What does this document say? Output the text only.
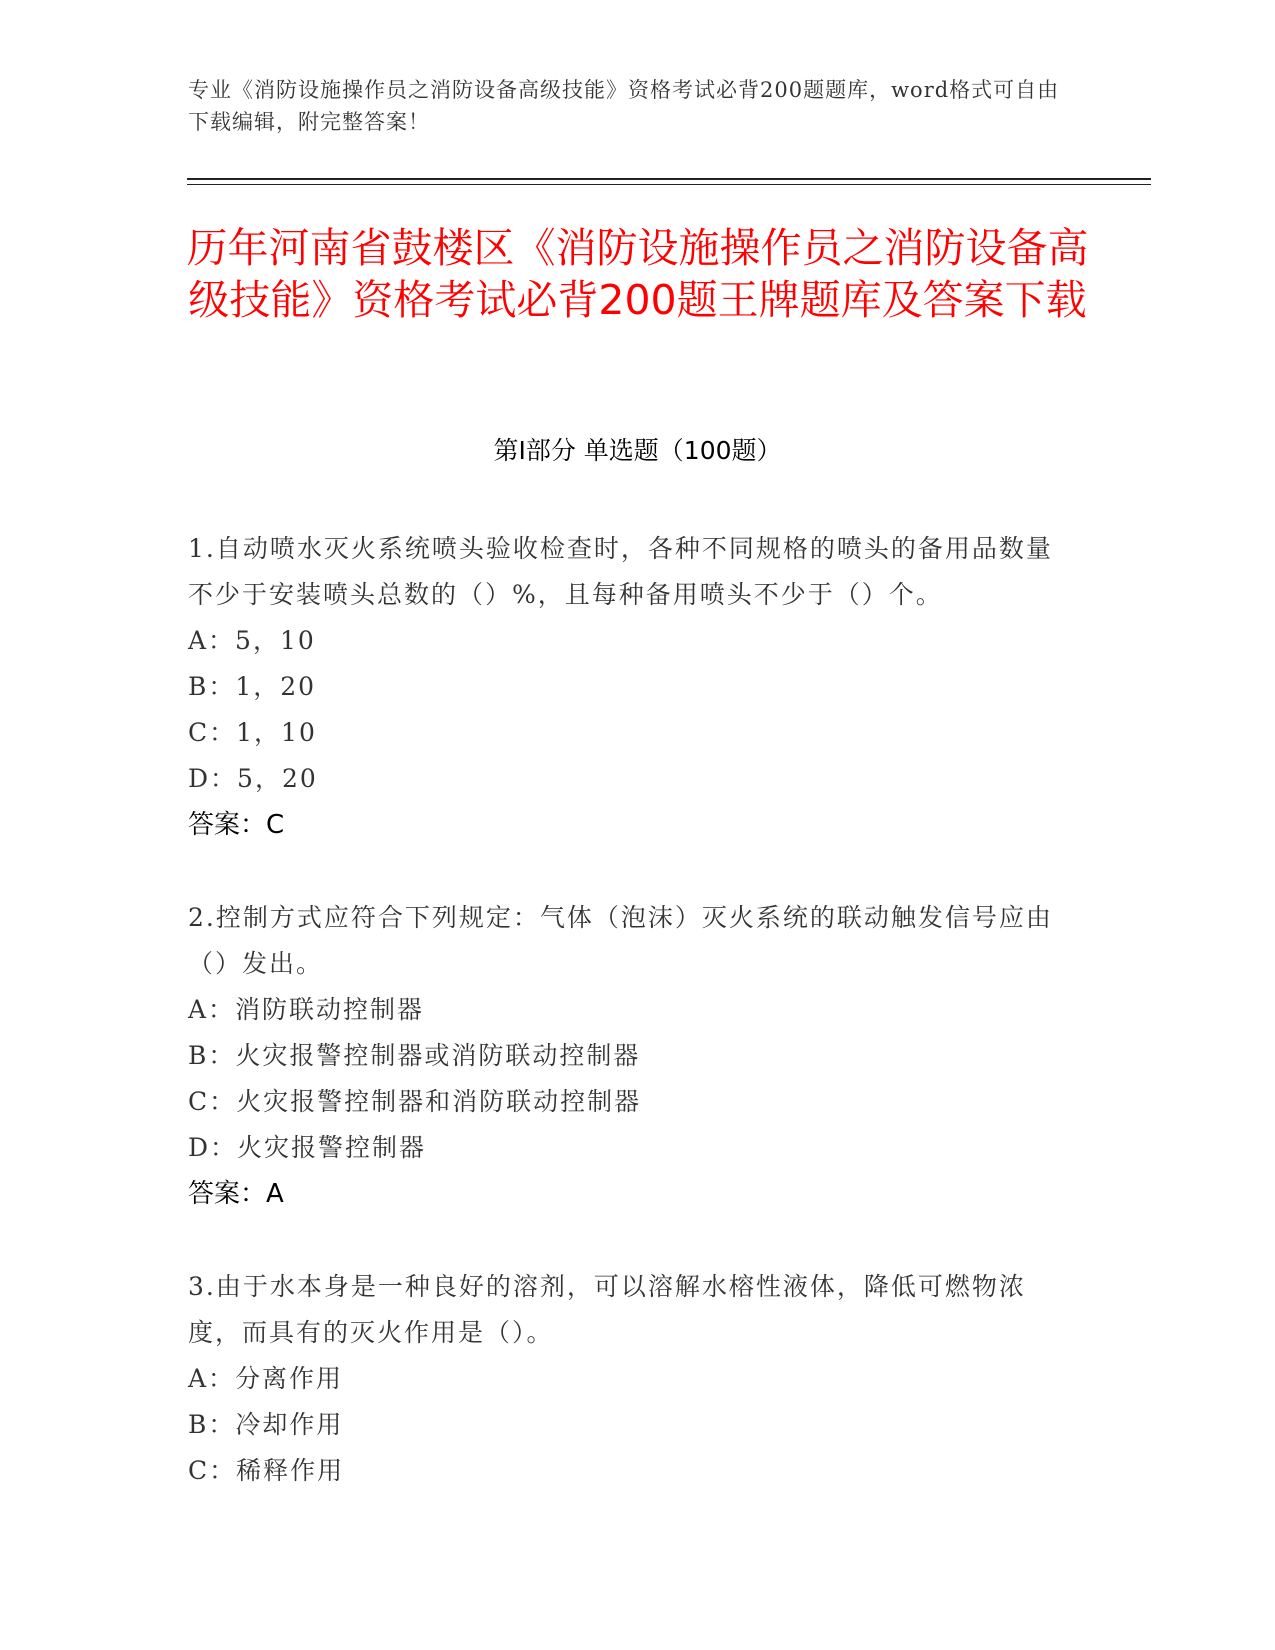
专业《消防设施操作员之消防设备高级技能》资格考试必背200题题库，word格式可自由下载编辑，附完整答案！
历年河南省鼓楼区《消防设施操作员之消防设备高级技能》资格考试必背200题王牌题库及答案下载
第I部分 单选题（100题）
1.自动喷水灭火系统喷头验收检查时，各种不同规格的喷头的备用品数量不少于安装喷头总数的（）%，且每种备用喷头不少于（）个。
A：5，10
B：1，20
C：1，10
D：5，20
答案：C
2.控制方式应符合下列规定：气体（泡沫）灭火系统的联动触发信号应由（）发出。
A：消防联动控制器
B：火灾报警控制器或消防联动控制器
C：火灾报警控制器和消防联动控制器
D：火灾报警控制器
答案：A
3.由于水本身是一种良好的溶剂，可以溶解水榕性液体，降低可燃物浓度，而具有的灭火作用是（）。
A：分离作用
B：冷却作用
C：稀释作用
